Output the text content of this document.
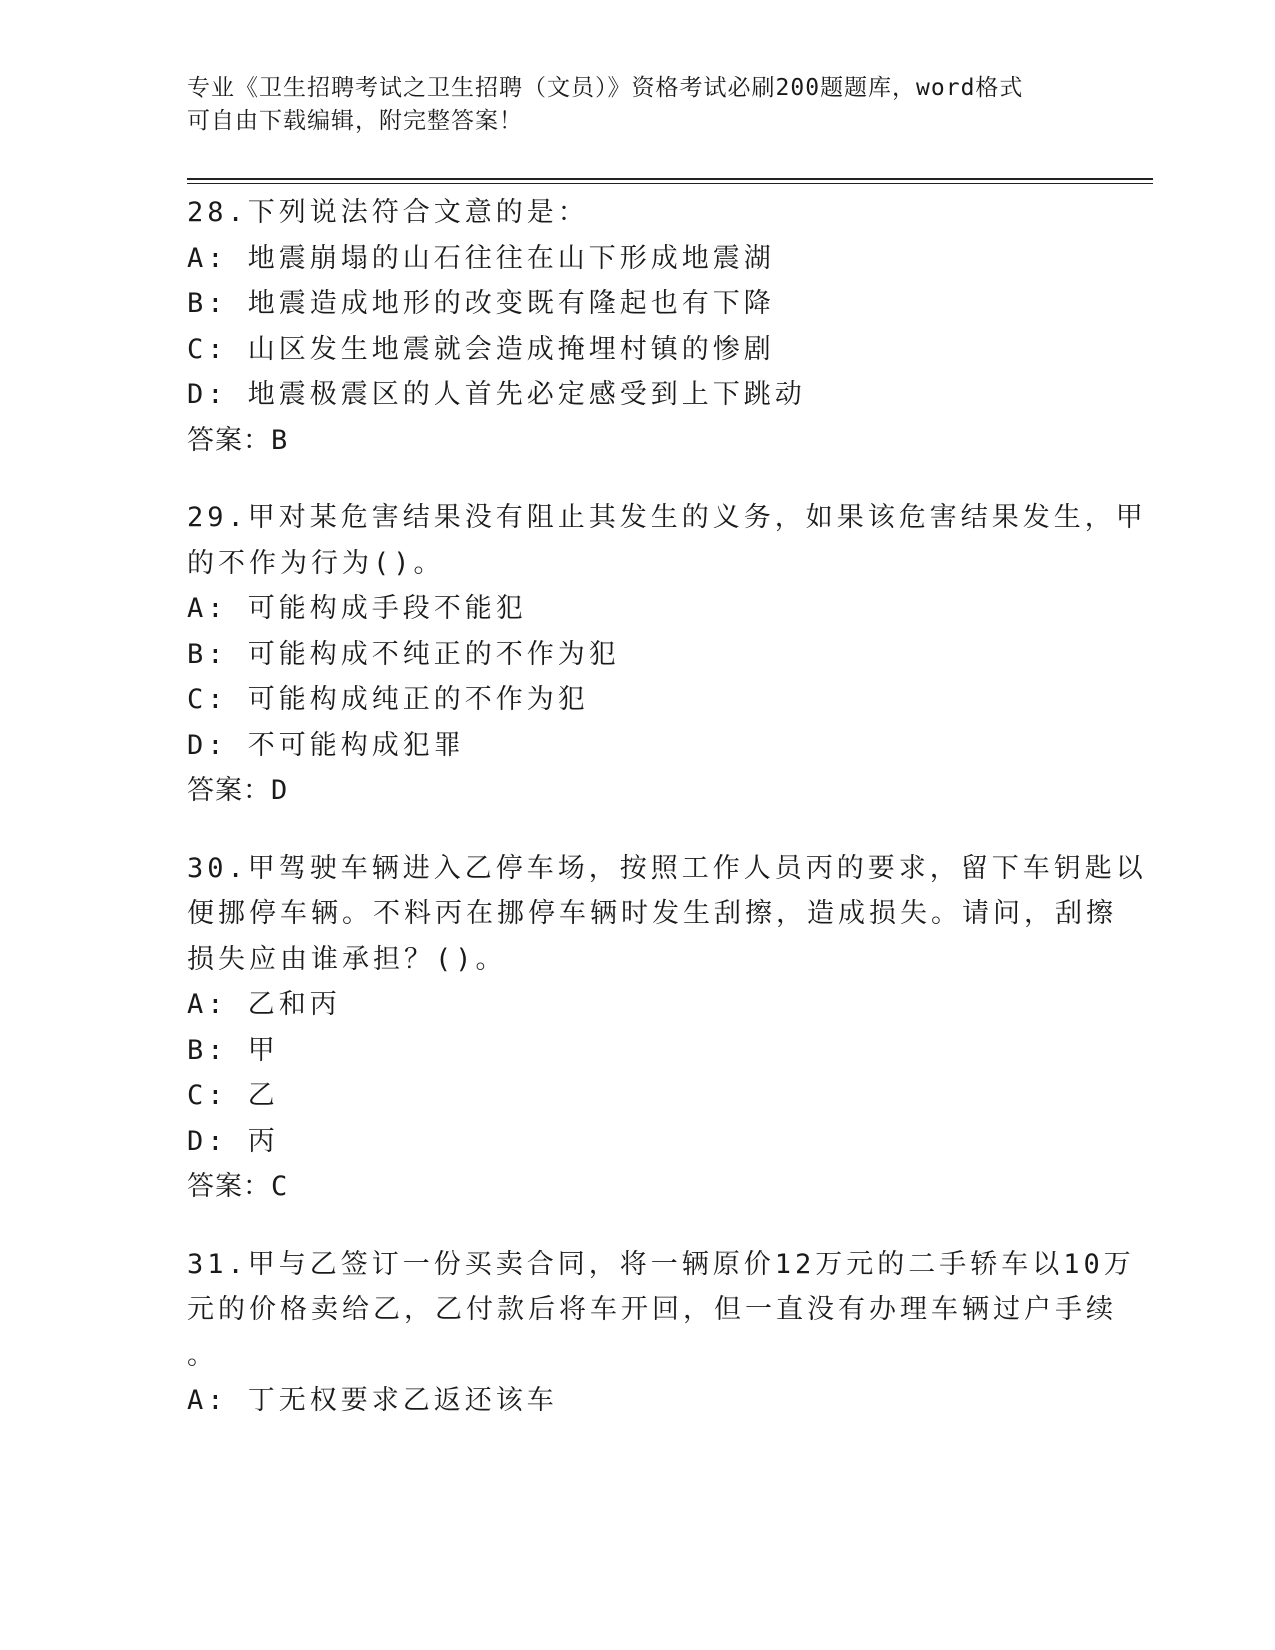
专业《卫生招聘考试之卫生招聘（文员）》资格考试必刷200题题库，word格式

可自由下载编辑，附完整答案！

28.下列说法符合文意的是：

A: 地震崩塌的山石往往在山下形成地震湖

B: 地震造成地形的改变既有隆起也有下降

C: 山区发生地震就会造成掩埋村镇的惨剧

D: 地震极震区的人首先必定感受到上下跳动

答案：B

29.甲对某危害结果没有阻止其发生的义务，如果该危害结果发生，甲

的不作为行为()。

A: 可能构成手段不能犯

B: 可能构成不纯正的不作为犯

C: 可能构成纯正的不作为犯

D: 不可能构成犯罪

答案：D

30.甲驾驶车辆进入乙停车场，按照工作人员丙的要求，留下车钥匙以

便挪停车辆。不料丙在挪停车辆时发生刮擦，造成损失。请问，刮擦

损失应由谁承担？()。

A: 乙和丙

B: 甲

C: 乙

D: 丙

答案：C

31.甲与乙签订一份买卖合同，将一辆原价12万元的二手轿车以10万

元的价格卖给乙，乙付款后将车开回，但一直没有办理车辆过户手续

。

A: 丁无权要求乙返还该车
